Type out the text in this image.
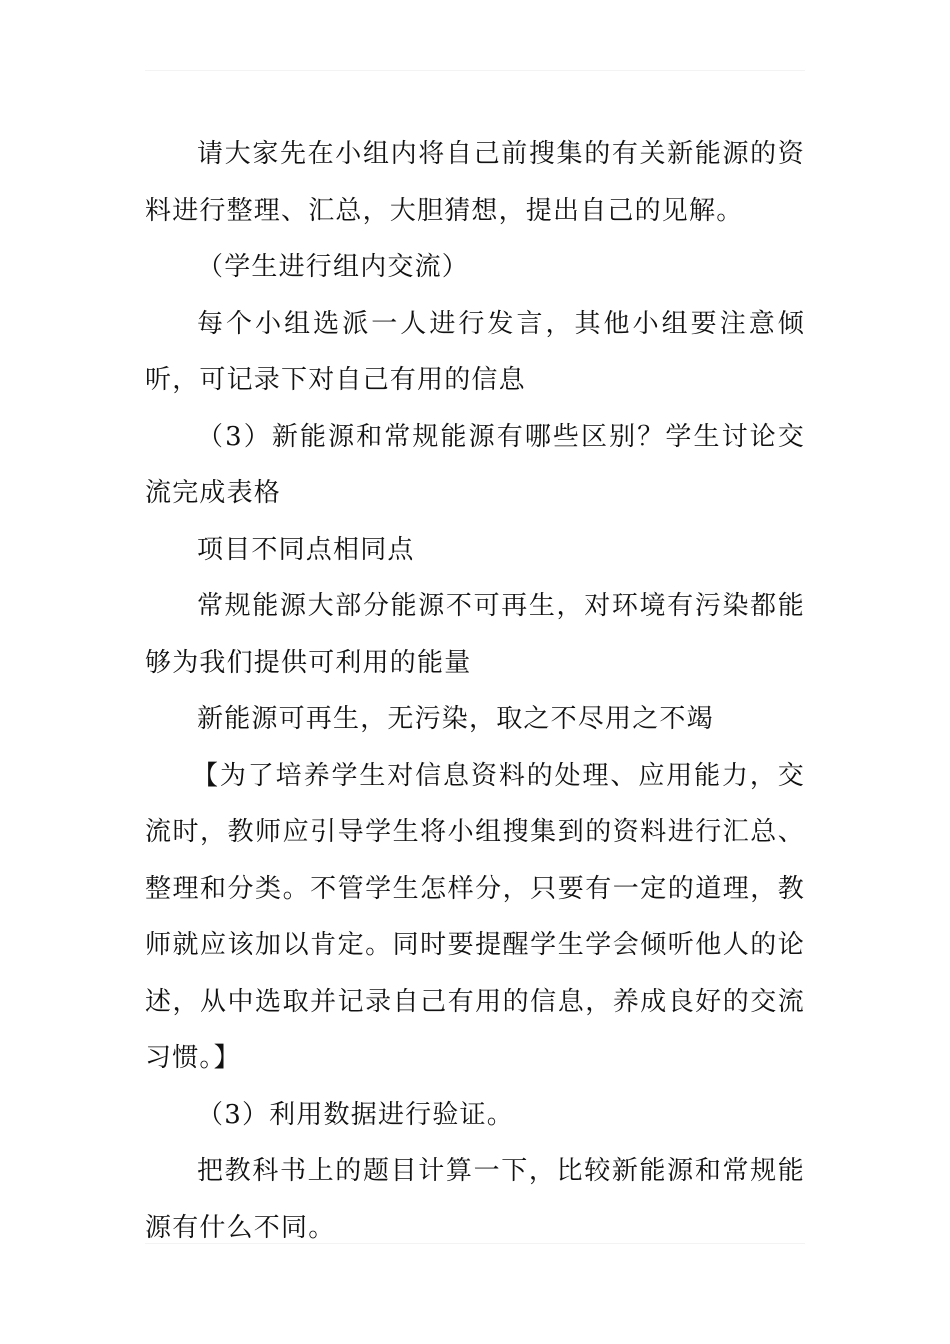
请大家先在小组内将自己前搜集的有关新能源的资料进行整理、汇总，大胆猜想，提出自己的见解。

（学生进行组内交流）

每个小组选派一人进行发言，其他小组要注意倾听，可记录下对自己有用的信息

（3）新能源和常规能源有哪些区别？学生讨论交流完成表格

项目不同点相同点

常规能源大部分能源不可再生，对环境有污染都能够为我们提供可利用的能量

新能源可再生，无污染，取之不尽用之不竭

【为了培养学生对信息资料的处理、应用能力，交流时，教师应引导学生将小组搜集到的资料进行汇总、整理和分类。不管学生怎样分，只要有一定的道理，教师就应该加以肯定。同时要提醒学生学会倾听他人的论述，从中选取并记录自己有用的信息，养成良好的交流习惯。】

（3）利用数据进行验证。

把教科书上的题目计算一下，比较新能源和常规能源有什么不同。
